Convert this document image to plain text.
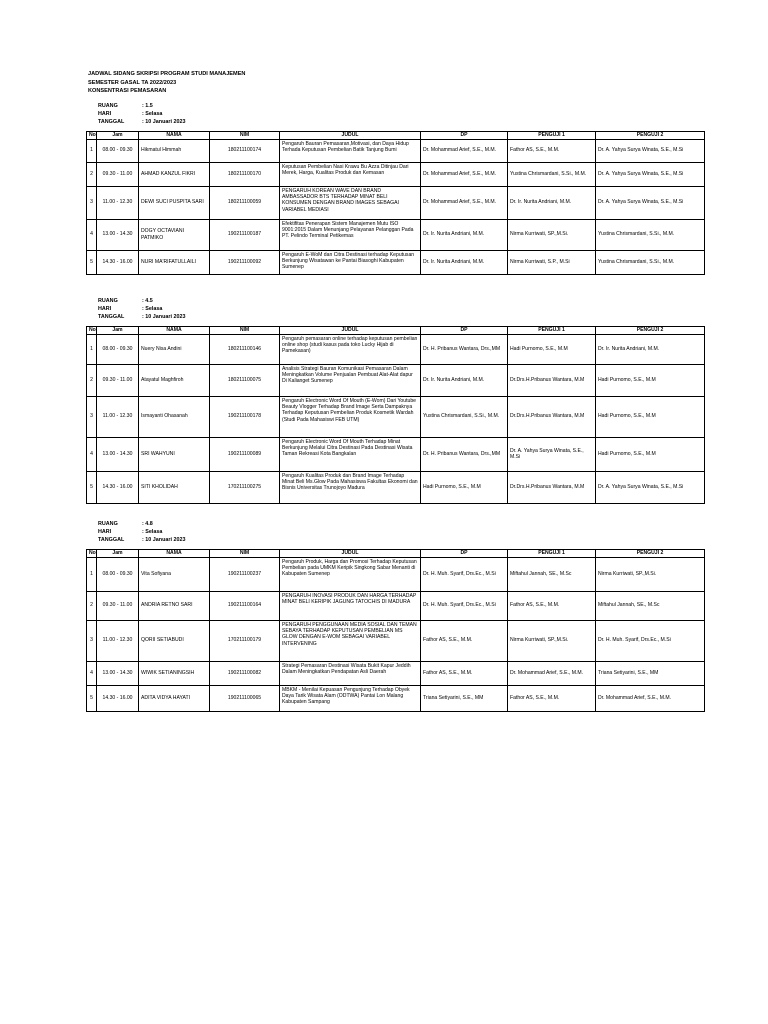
JADWAL SIDANG SKRIPSI PROGRAM STUDI MANAJEMEN
SEMESTER GASAL TA 2022/2023
KONSENTRASI PEMASARAN
RUANG	: 1.5
HARI	: Selasa
TANGGAL	: 10 Januari 2023
No	Jam	NAMA	NIM	JUDUL	DP	PENGUJI 1	PENGUJI 2
1	08.00 - 09.30	Hikmatul Himmah	180211100174	Pengaruh Bauran Pemasaran,Motivasi, dan Daya Hidup Terhada Keputusan Pembelian Batik Tanjung Bumi	Dr. Mohammad Arief, S.E., M.M.	Fathor AS, S.E., M.M.	Dr. A. Yahya Surya Winata, S.E., M.Si
2	09.30 - 11.00	AHMAD KANZUL FIKRI	180211100170	Keputusan Pembelian Nasi Krawu Bu Azza Ditinjau Dari Merek, Harga, Kualitas Produk dan Kemasan	Dr. Mohammad Arief, S.E., M.M.	Yustina Chrismardani, S.Si., M.M.	Dr. A. Yahya Surya Winata, S.E., M.Si
3	11.00 - 12.30	DEWI SUCI PUSPITA SARI	180211100059	PENGARUH KOREAN WAVE DAN BRAND AMBASSADOR BTS TERHADAP MINAT BELI KONSUMEN DENGAN BRAND IMAGES SEBAGAI VARIABEL MEDIASI	Dr. Mohammad Arief, S.E., M.M.	Dr. Ir. Nurita Andriani, M.M.	Dr. A. Yahya Surya Winata, S.E., M.Si
4	13.00 - 14.30	DOGY OCTAVIANI PATMIKO	190211100187	Efektifitas Penerapan Sistem Manajemen Mutu ISO 9001:2015 Dalam Menunjang Pelayanan Pelanggan Pada PT. Pelindo Terminal Petikemas	Dr. Ir. Nurita Andriani, M.M.	Nirma Kurriwati, SP.,M.Si.	Yustina Chrismardani, S.Si., M.M.
5	14.30 - 16.00	NURI MA'RIFATULLAILI	190211100092	Pengaruh E-WoM dan Citra Destinasi terhadap Keputusan Berkunjung Wisatawan ke Pantai Biasoghi Kabupaten Sumenep	Dr. Ir. Nurita Andriani, M.M.	Nirma Kurriwati, S.P., M.Si	Yustina Chrismardani, S.Si., M.M.
RUANG	: 4.5
HARI	: Selasa
TANGGAL	: 10 Januari 2023
No	Jam	NAMA	NIM	JUDUL	DP	PENGUJI 1	PENGUJI 2
1	08.00 - 09.30	Nuery Nisa Andini	180211100146	Pengaruh pemasaran online terhadap keputusan pembelian online shop (studi kasus pada toko Lucky Hijab di Pamekasan)	Dr. H. Pribanus Wantara, Drs.,MM	Hadi Purnomo, S.E., M.M	Dr. Ir. Nurita Andriani, M.M.
2	09.30 - 11.00	Atayatul Maghfiroh	180211100075	Analisis Strategi Bauran Komunikasi Pemasaran Dalam Meningkatkan Volume Penjualan Pembuat Alat-Alat dapur Di Kalianget Sumenep	Dr. Ir. Nurita Andriani, M.M.	Dr.Drs.H.Pribanus Wantara, M.M	Hadi Purnomo, S.E., M.M
3	11.00 - 12.30	Ismayanti Ohasanah	190211100178	Pengaruh Electronic Word Of Mouth (E-Wom) Dari Youtube Beauty Vlogger Terhadap Brand Image Serta Dampaknya Terhadap Keputusan Pembelian Produk Kosmetik Wardah (Studi Pada Mahasiswi FEB UTM)	Yustina Chrismardani, S.Si., M.M.	Dr.Drs.H.Pribanus Wantara, M.M	Hadi Purnomo, S.E., M.M
4	13.00 - 14.30	SRI WAHYUNI	190211100089	Pengaruh Electronic Word Of Mouth Terhadap Minat Berkunjung Melalui Citra Destinasi Pada Destinasi Wisata Taman Rekreasi Kota Bangkalan	Dr. H. Pribanus Wantara, Drs.,MM	Dr. A. Yahya Surya Winata, S.E., M.Si	Hadi Purnomo, S.E., M.M
5	14.30 - 16.00	SITI KHOLIDAH	170211100275	Pengaruh Kualitas Produk dan Brand Image Terhadap Minat Beli Ms.Glow Pada Mahasiswa Fakultas Ekonomi dan Bisnis Universitas Trunojoyo Madura	Hadi Purnomo, S.E., M.M	Dr.Drs.H.Pribanus Wantara, M.M	Dr. A. Yahya Surya Winata, S.E., M.Si
RUANG	: 4.8
HARI	: Selasa
TANGGAL	: 10 Januari 2023
No	Jam	NAMA	NIM	JUDUL	DP	PENGUJI 1	PENGUJI 2
1	08.00 - 09.30	Vita Sofiyana	190211100237	Pengaruh Produk, Harga dan Promosi Terhadap Keputusan Pembelian pada UMKM Keripik Singkong Sabar Menanti di Kabupaten Sumenep	Dr. H. Muh. Syarif, Drs.Ec., M.Si	Miftahul Jannah, SE., M.Sc	Nirma Kurriwati, SP.,M.Si.
2	09.30 - 11.00	ANDRIA RETNO SARI	190211100164	PENGARUH INOVASI PRODUK DAN HARGA TERHADAP MINAT BELI KERIPIK JAGUNG TATOCHIS DI MADURA	Dr. H. Muh. Syarif, Drs.Ec., M.Si	Fathor AS, S.E., M.M.	Miftahul Jannah, SE., M.Sc
3	11.00 - 12.30	QORII SETIABUDI	170211100179	PENGARUH PENGGUNAAN MEDIA SOSIAL DAN TEMAN SEBAYA TERHADAP KEPUTUSAN PEMBELIAN MS GLOW DENGAN E-WOM SEBAGAI VARIABEL INTERVENING	Fathor AS, S.E., M.M.	Nirma Kurriwati, SP.,M.Si.	Dr. H. Muh. Syarif, Drs.Ec., M.Si
4	13.00 - 14.30	WIWIK SETIANINGSIH	190211100082	Strategi Pemasaran Destinasi Wisata Bukit Kapur Jeddih Dalam Meningkatkan Pendapatan Asli Daerah	Fathor AS, S.E., M.M.	Dr. Mohammad Arief, S.E., M.M.	Triana Setiyarini, S.E., MM
5	14.30 - 16.00	ADITA VIDYA HAYATI	190211100065	MBKM - Menilai Kepuasan Pengunjung Terhadap Obyek Daya Tarik Wisata Alam (ODTWA) Pantai Lon Malang Kabupaten Sampang	Triana Setiyarini, S.E., MM	Fathor AS, S.E., M.M.	Dr. Mohammad Arief, S.E., M.M.
